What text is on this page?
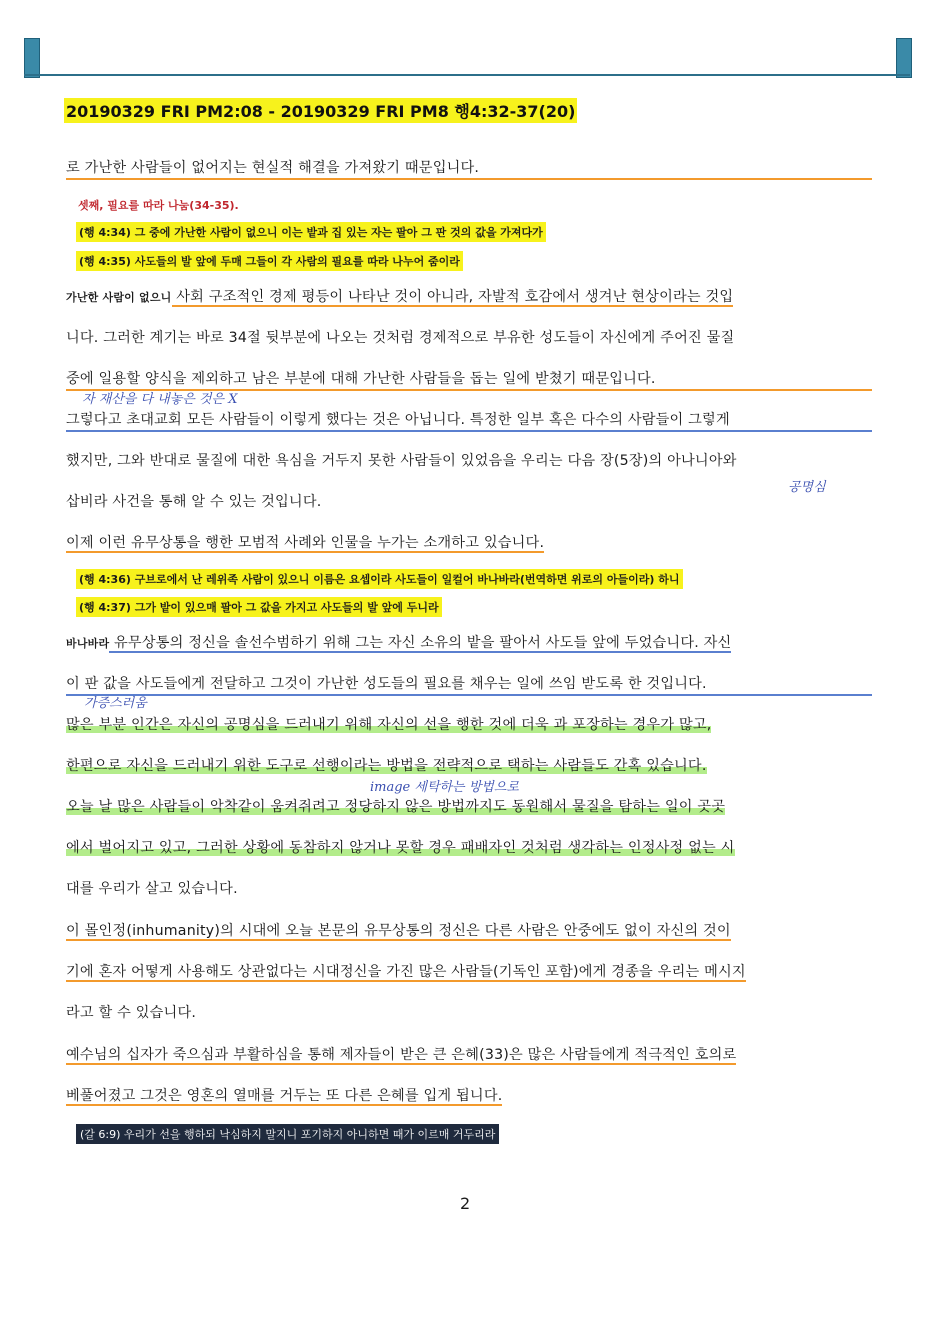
20190329 FRI PM2:08 - 20190329 FRI PM8 행4:32-37(20)
로 가난한 사람들이 없어지는 현실적 해결을 가져왔기 때문입니다.
셋째, 필요를 따라 나눔(34-35).
(행 4:34) 그 중에 가난한 사람이 없으니 이는 밭과 집 있는 자는 팔아 그 판 것의 값을 가져다가
(행 4:35) 사도들의 발 앞에 두매 그들이 각 사람의 필요를 따라 나누어 줌이라
가난한 사람이 없으니 사회 구조적인 경제 평등이 나타난 것이 아니라, 자발적 호감에서 생겨난 현상이라는 것입
니다. 그러한 계기는 바로 34절 뒷부분에 나오는 것처럼 경제적으로 부유한 성도들이 자신에게 주어진 물질
중에 일용할 양식을 제외하고 남은 부분에 대해 가난한 사람들을 돕는 일에 받쳤기 때문입니다.
자 재산을 다 내놓은 것은 X
그렇다고 초대교회 모든 사람들이 이렇게 했다는 것은 아닙니다. 특정한 일부 혹은 다수의 사람들이 그렇게
했지만, 그와 반대로 물질에 대한 욕심을 거두지 못한 사람들이 있었음을 우리는 다음 장(5장)의 아나니아와
공명심
삽비라 사건을 통해 알 수 있는 것입니다.
이제 이런 유무상통을 행한 모범적 사례와 인물을 누가는 소개하고 있습니다.
(행 4:36) 구브로에서 난 레위족 사람이 있으니 이름은 요셉이라 사도들이 일컬어 바나바라(번역하면 위로의 아들이라) 하니
(행 4:37) 그가 밭이 있으매 팔아 그 값을 가지고 사도들의 발 앞에 두니라
바나바라 유무상통의 정신을 솔선수범하기 위해 그는 자신 소유의 밭을 팔아서 사도들 앞에 두었습니다. 자신
이 판 값을 사도들에게 전달하고 그것이 가난한 성도들의 필요를 채우는 일에 쓰임 받도록 한 것입니다.
가증스러움
많은 부분 인간은 자신의 공명심을 드러내기 위해 자신의 선을 행한 것에 더욱 과 포장하는 경우가 많고,
한편으로 자신을 드러내기 위한 도구로 선행이라는 방법을 전략적으로 택하는 사람들도 간혹 있습니다.
image 세탁하는 방법으로
오늘 날 많은 사람들이 악착같이 움켜쥐려고 정당하지 않은 방법까지도 동원해서 물질을 탐하는 일이 곳곳
에서 벌어지고 있고, 그러한 상황에 동참하지 않거나 못할 경우 패배자인 것처럼 생각하는 인정사정 없는 시
대를 우리가 살고 있습니다.
이 몰인정(inhumanity)의 시대에 오늘 본문의 유무상통의 정신은 다른 사람은 안중에도 없이 자신의 것이
기에 혼자 어떻게 사용해도 상관없다는 시대정신을 가진 많은 사람들(기독인 포함)에게 경종을 우리는 메시지
라고 할 수 있습니다.
예수님의 십자가 죽으심과 부활하심을 통해 제자들이 받은 큰 은혜(33)은 많은 사람들에게 적극적인 호의로
베풀어졌고 그것은 영혼의 열매를 거두는 또 다른 은혜를 입게 됩니다.
(갈 6:9) 우리가 선을 행하되 낙심하지 말지니 포기하지 아니하면 때가 이르매 거두리라
2
